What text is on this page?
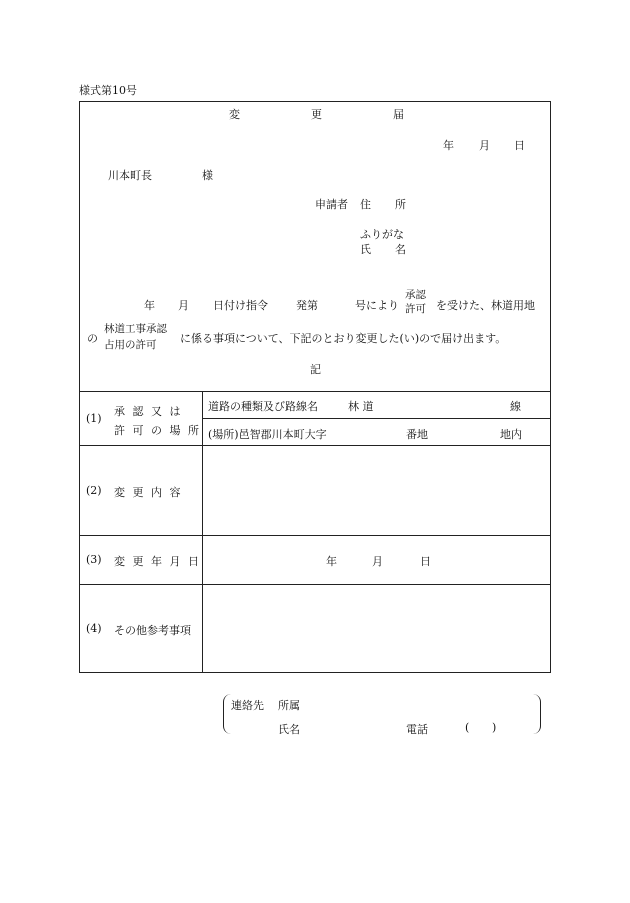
様式第10号
変	更	届
年 月 日
川本町長	様
申請者 住 所
ふりがな
氏 名
年 月 日付け指令	発第	号により
承認
許可 を受けた、林道用地
の
林道工事承認
占用の許可 に係る事項について、下記のとおり変更した(い)ので届け出ます。
記
(1)
承 認 又 は
許 可 の 場 所
道路の種類及び路線名	林 道	線
(場所)邑智郡川本町大字	番地	地内
(2) 変 更 内 容
(3) 変 更 年 月 日	年	月	日
(4) その他参考事項
連絡先 所属
氏名	電話	( )
